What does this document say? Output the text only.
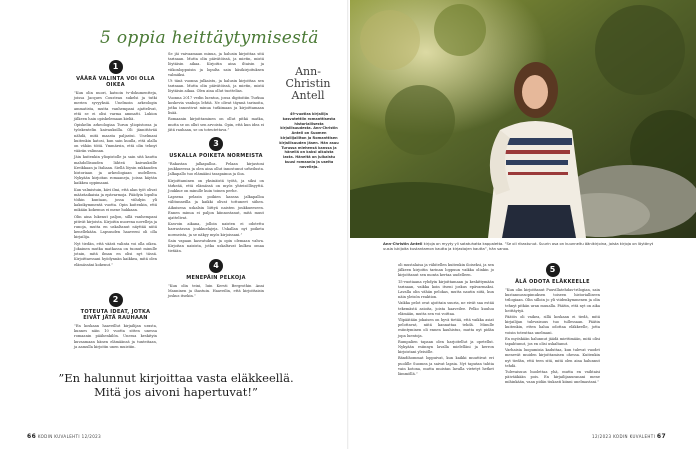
5 oppia heittäytymisestä
1
VÄÄRÄ VALINTA VOI OLLA OIKEA

”Kun olin nuori, katsoin tv-dokumentteja, joissa Jacques Cousteau sukelsi ja tutki merien syvyyksiä. Unelmoin arkeologin ammatista, mutta vanhempani ajattelivat, että se ei olisi varma ammatti. Lukion jälkeen hain opiskelemaan kieliä.

Opiskelin arkeologiaa Turun yliopistossa ja työskentelin kaivauksilla. Oli jännittävää nähdä, mitä maasta paljastui. Unelmani kuitenkin katosi, kun sain kuulla, että alalla on vähän töitä. Ymmärsin, että olin tehnyt väärän valinnan.

Jäin kuitenkin yliopistolle ja sain sitä kautta mahdollisuuden lähteä kaivauksille Kreikkaan ja Italiaan. Siellä löysin rakkauden historiaan ja arkeologiaan uudelleen. Nykyään kirjoitan romaaneja, joissa käytän kaikkea oppimaani.

Kun valmistuin, kävi ilmi, että alan työt olivat määräaikaisia ja epävarmoja. Päädyin lopulta töihin kuntaan, jossa viihdyin yli kaksikymmentä vuotta. Opin kuitenkin, että mikään kokemus ei mene hukkaan.

Olin aina lukenut paljon, sillä vanhempani pitivät kirjoista. Kirjoitin nuorena novelleja ja runoja, mutta en uskaltanut näyttää niitä kenellekään. Lapsuuden haaveeni oli olla kirjailija.

Nyt tiedän, että väärä valinta voi olla oikea. Jokainen mutka matkassa on tuonut minulle jotain, mitä ilman en olisi nyt tässä. Kirjoittaessani hyödynnän kaikkea, mitä olen elämässäni kokenut.”

2
TOTEUTA IDEAT, JOTKA EIVÄT JÄTÄ RAUHAAN

”En koskaan haaveillut kirjailijan urasta, kunnes näin 10 vuotta sitten unessa romaanin päähenkilön. Unessa keskityin kuvaamaan hänen elämäänsä ja tunteitaan, ja aamulla kirjoitin unen muistiin.

Se jäi vaivaamaan minua, ja halusin kirjoittaa sitä tarinaan. Mutta olin päivätöissä, ja mietin, mistä löytäisin aikaa. Kirjoitin aina iltaisin ja viikonloppuisin ja lopulta sain käsikirjoituksen valmiiksi.

Ut tänä vuonna julkaistu, ja halusin kirjoittaa sen tarinaan. Mutta olin päivätöissä, ja mietin, mistä löytäisin aikaa. Olen aina ollut tuottelias.

Vuonna 2017 vedin luentoa, jossa digitoitiin Turkua koskevia vanhoja lehtiä. Ne olivat täynnä tarinoita, jotka innostivat minua tutkimaan ja kirjoittamaan lisää.

Romaanin kirjoittaminen on ollut pitkä matka, mutta se on ollut sen arvoista. Opin, että kun idea ei jätä rauhaan, se on toteutettava.”

3
USKALLA POIKETA NORMEISTA

”Rakastan jalkapalloa. Pelaan kirjastoni joukkueessa ja olen aina ollut innostunut urheilusta. Jalkapallo tuo elämääni tasapainoa ja iloa.

Kirjoittaminen on yksinäistä työtä, ja siksi on tärkeää, että elämässä on myös yhteisöllisyyttä. Joukkue on minulle kuin toinen perhe.

Lapsena pelasin poikien kanssa jalkapalloa välitunneilla ja kaikki olivat tottuneet siihen. Aikuisena uskalsin liittyä naisten joukkueeseen. Ennen minua ei paljon kiinnostanut, mitä muut ajattelivat.

Kasvoin aikana, jolloin naisten ei odotettu harrastavan joukkuelajeja. Uskallan nyt poiketa normeista, ja se näkyy myös kirjoissani.”

Sain vapaan kasvatuksen ja opin olemaan vahva. Kirjoitan naisista, jotka uskaltavat kulkea omaa tietään.

4
MENEPÄIN PELKOJA

”Kun olin teini, luin Kersti Bergrothin Anni Manninen ja ihastuin. Haaveilin, että kirjoittaisin joskus itsekin.”

Ann-
Christin
Antell
49-vuotias kirjailija kasvatettiin romanttisesta historiallisesta kirjallisuudesta. Ann-Christin Antell on Suomen kirjailijaliiton ja Romanttisen kirjallisuuden jäsen. Hän asuu Turussa miehensä kanssa ja hänellä on kaksi aikuista lasta. Häneltä on julkaistu kuusi romaania ja useita novelleja.
”En halunnut kirjoittaa vasta eläkkeellä. Mitä jos aivoni hapertuvat!”
Ann-Christin Antell kirjoja on myyty yli satatuhatta kappaletta. ”Se oli rikastunut. Suurin osa on kuunneltu äänikirjoina, joista kirjoja on löytänyt uusia lukijoita kustantamon kautta ja kirjastojen kautta”, hän sanoo.

oli mustalaisa ja vähitellen kuitenkin iloiseksi, ja sen jälkeen kirjoitin tarinan loppuun vaikka olinkin jo kirjoittanut sen monta kertaa uudelleen.

15-vuotiaana ryhdyin kirjoittamaan ja keskittymään tarinaan, vaikka koin itseni joskus epävarmaksi. Lavalla olin vähän pelokas, mutta nautin siitä, kun näin yleisön reaktion.

Vaikka pelot ovat ajoittain suuria, ne eivät saa estää tekemästä asioita, joista haaveilee. Pelko kuuluu elämään, mutta sen voi voittaa.

Ylipäätään jokaisen on hyvä tietää, että vaikka asiat pelottavat, niitä kannattaa tehdä. Minulle esiintyminen oli ennen kauhistus, mutta nyt pidän jopa luentoja.

Rumpalien tapaan olen harjoitellut ja opetellut. Nykyään esiinnyn lavalla mielelläni ja kerron kirjoistani yleisölle.

Bändihommat loppuivat, kun kaikki muuttivat eri puolille Suomea ja saivat lapsia. Nyt taputan tahtia vain kotona, mutta muistan lavalla vietetyt hetket lämmöllä.”

5
ÄLÄ ODOTA ELÄKKEELLE

”Kun olin kirjoittanut Puuvillatehdas-trilogian, sain kustannussopimuksen toiseen historialliseen trilogiaan. Olin silloin jo yli viidenkymmenen ja olin tehnyt pitkän uran muualla. Päätin, että nyt on aika heittäytyä.

Päätös oli vaikea, sillä koskaan ei tiedä, mitä kirjailijan tulevaisuus tuo tullessaan. Päätin kuitenkin, etten halua odottaa eläkkeelle, jotta voisin toteuttaa unelmani.

En myöskään halunnut jäädä miettimään, mitä olisi tapahtunut, jos en olisi uskaltanut.

Varhaisia luopumisia kaduttaa, kun tulevat vuodet menevät muiden kirjoittamisen ohessa. Kuitenkin nyt tiedän, että teen sitä, mitä olen aina halunnut tehdä.

Tulevaisuus huolettaa yhä, mutta en vaihtaisi päivääkään pois. En kirjailijanuranani mene mihinkään, vaan pidän tiukasti kiinni unelmastani.”

66 KODIN KUVALEHTI 12/2023	12/2023 KODIN KUVALEHTI 67
